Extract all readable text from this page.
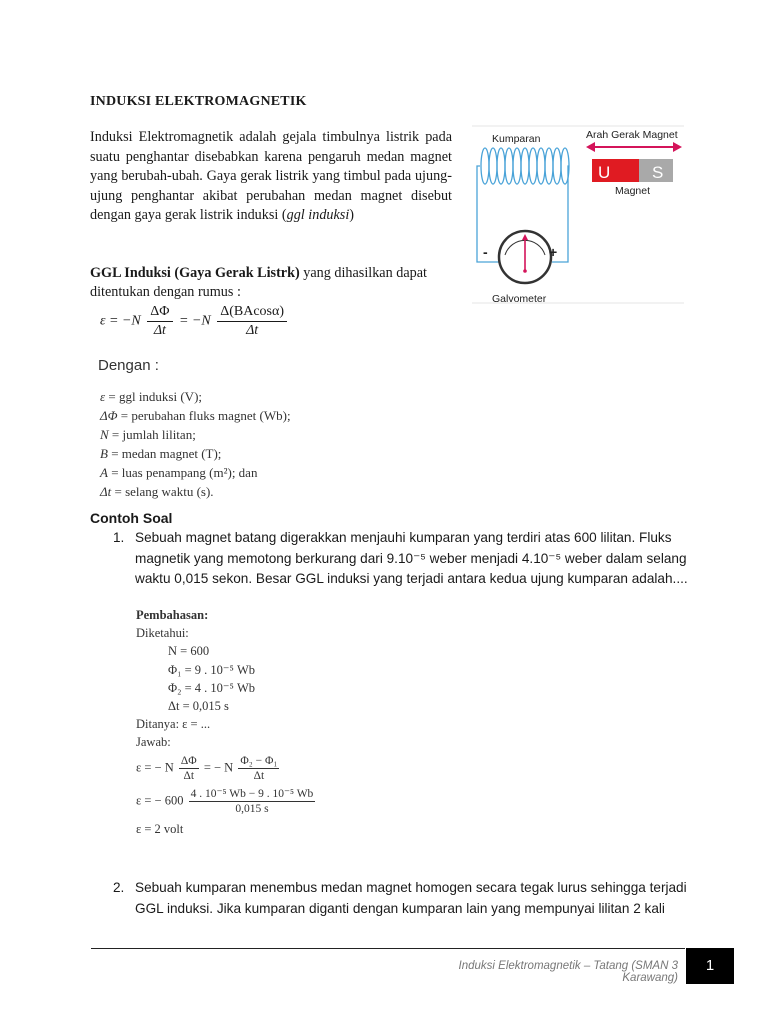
INDUKSI ELEKTROMAGNETIK
Induksi Elektromagnetik adalah gejala timbulnya listrik pada suatu penghantar disebabkan karena pengaruh medan magnet yang berubah-ubah. Gaya gerak listrik yang timbul pada ujung-ujung penghantar akibat perubahan medan magnet disebut dengan gaya gerak listrik induksi (ggl induksi)
GGL Induksi (Gaya Gerak Listrk) yang dihasilkan dapat ditentukan dengan rumus :
$\varepsilon = -N \frac{\Delta\Phi}{\Delta t} = -N \frac{\Delta(BAcos\alpha)}{\Delta t}$
Kumparan
-	+
Galvometer
Arah Gerak Magnet
U S
Magnet
Dengan :
ε = ggl induksi (V);
ΔΦ = perubahan fluks magnet (Wb);
N = jumlah lilitan;
B = medan magnet (T);
A = luas penampang (m²); dan
Δt = selang waktu (s).
Contoh Soal
1. Sebuah magnet batang digerakkan menjauhi kumparan yang terdiri atas 600 lilitan. Fluks magnetik yang memotong berkurang dari 9.10⁻⁵ weber menjadi 4.10⁻⁵ weber dalam selang waktu 0,015 sekon. Besar GGL induksi yang terjadi antara kedua ujung kumparan adalah....
Pembahasan:
Diketahui:
N = 600
Φ₁ = 9 . 10⁻⁵ Wb
Φ₂ = 4 . 10⁻⁵ Wb
Δt = 0,015 s
Ditanya: ε = ...
Jawab:
ε = − N $\frac{\Delta\Phi}{\Delta t}$ = − N $\frac{\text{Φ₂ − Φ₁}}{\Delta t}$
ε = − $600 \frac{\text{4 . 10⁻⁵ Wb − 9 . 10⁻⁵ Wb}}{0,015 s}$
ε = 2 volt
2. Sebuah kumparan menembus medan magnet homogen secara tegak lurus sehingga terjadi GGL induksi. Jika kumparan diganti dengan kumparan lain yang mempunyai lilitan 2 kali
Induksi Elektromagnetik – Tatang (SMAN 3 Karawang)
1
